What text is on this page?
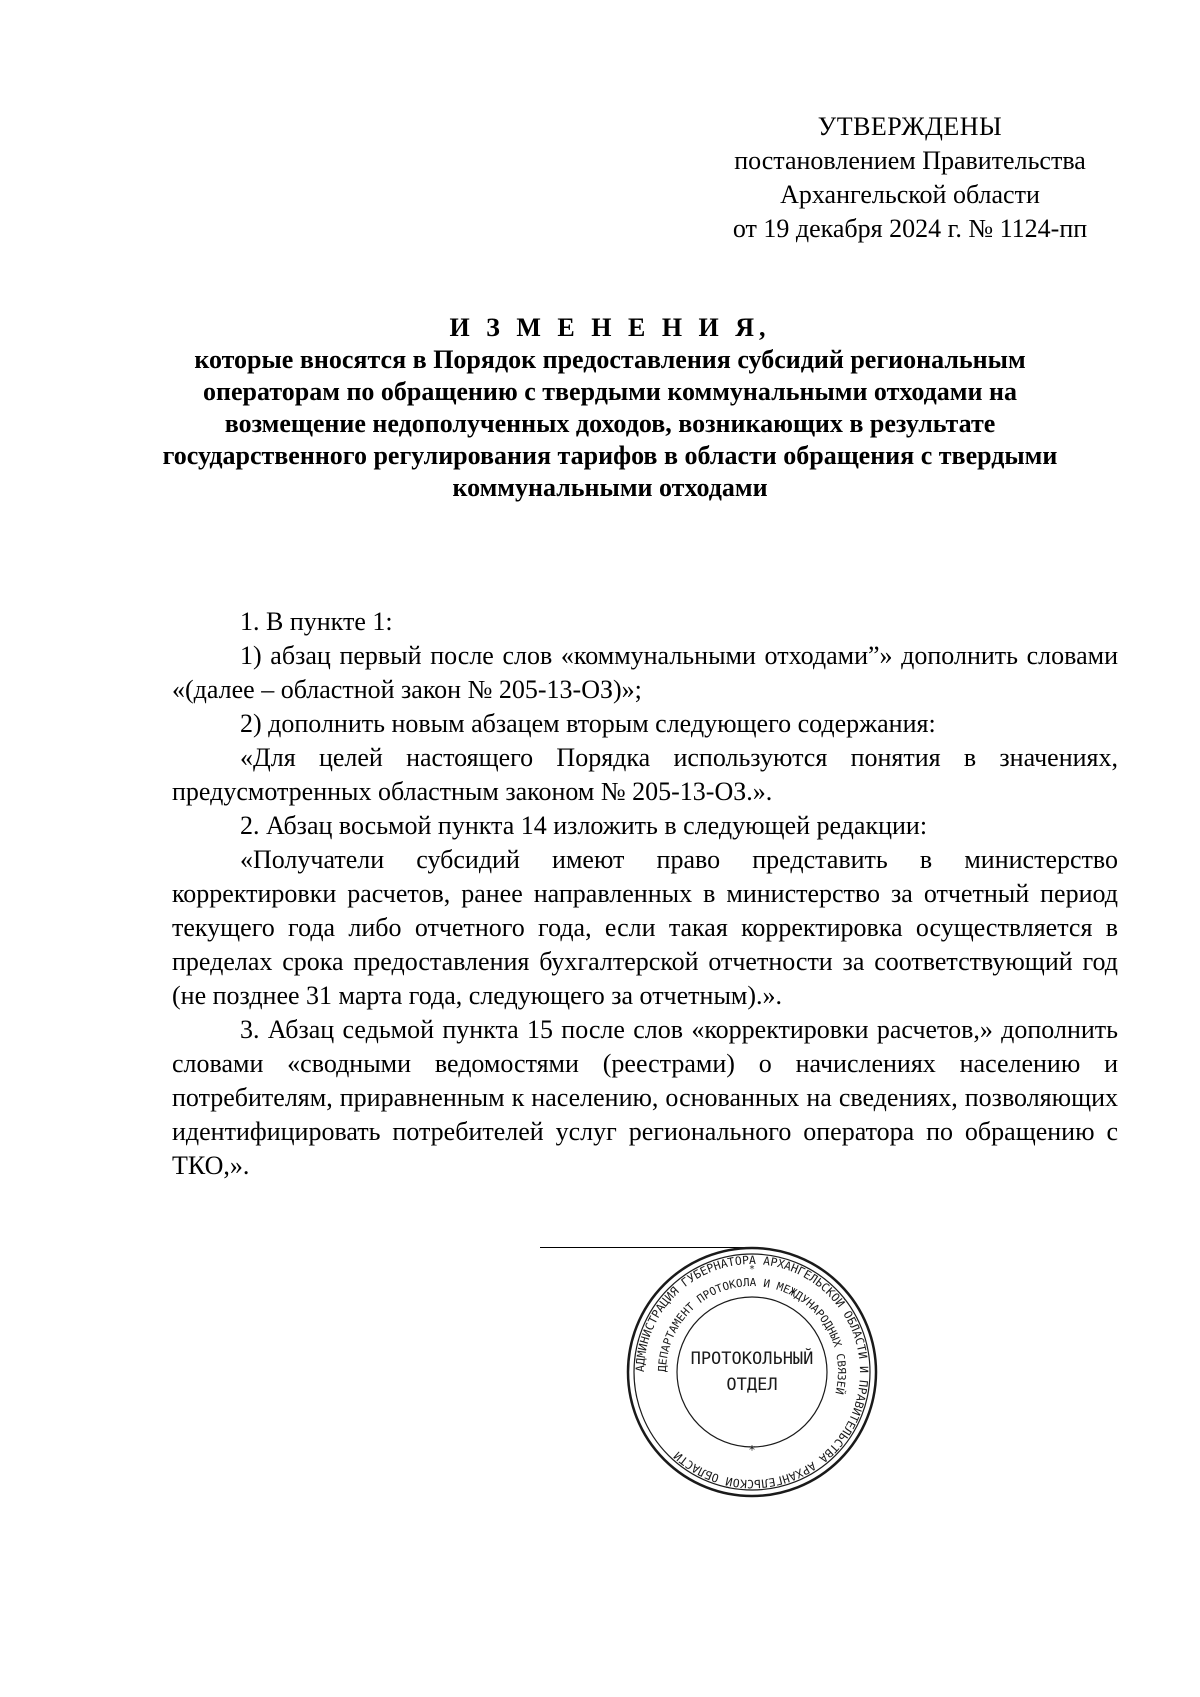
УТВЕРЖДЕНЫ
постановлением Правительства
Архангельской области
от 19 декабря 2024 г. № 1124-пп
И З М Е Н Е Н И Я,
которые вносятся в Порядок предоставления субсидий региональным операторам по обращению с твердыми коммунальными отходами на возмещение недополученных доходов, возникающих в результате государственного регулирования тарифов в области обращения с твердыми коммунальными отходами

1. В пункте 1:

1) абзац первый после слов «коммунальными отходами”» дополнить словами «(далее – областной закон № 205-13-ОЗ)»;

2) дополнить новым абзацем вторым следующего содержания:

«Для целей настоящего Порядка используются понятия в значениях, предусмотренных областным законом № 205-13-ОЗ.».

2. Абзац восьмой пункта 14 изложить в следующей редакции:

«Получатели субсидий имеют право представить в министерство корректировки расчетов, ранее направленных в министерство за отчетный период текущего года либо отчетного года, если такая корректировка осуществляется в пределах срока предоставления бухгалтерской отчетности за соответствующий год (не позднее 31 марта года, следующего за отчетным).».

3. Абзац седьмой пункта 15 после слов «корректировки расчетов,» дополнить словами «сводными ведомостями (реестрами) о начислениях населению и потребителям, приравненным к населению, основанных на сведениях, позволяющих идентифицировать потребителей услуг регионального оператора по обращению с ТКО,».

АДМИНИСТРАЦИЯ ГУБЕРНАТОРА АРХАНГЕЛЬСКОЙ ОБЛАСТИ И ПРАВИТЕЛЬСТВА АРХАНГЕЛЬСКОЙ ОБЛАСТИ
ДЕПАРТАМЕНТ ПРОТОКОЛА И МЕЖДУНАРОДНЫХ СВЯЗЕЙ
ПРОТОКОЛЬНЫЙ
ОТДЕЛ
*
*
